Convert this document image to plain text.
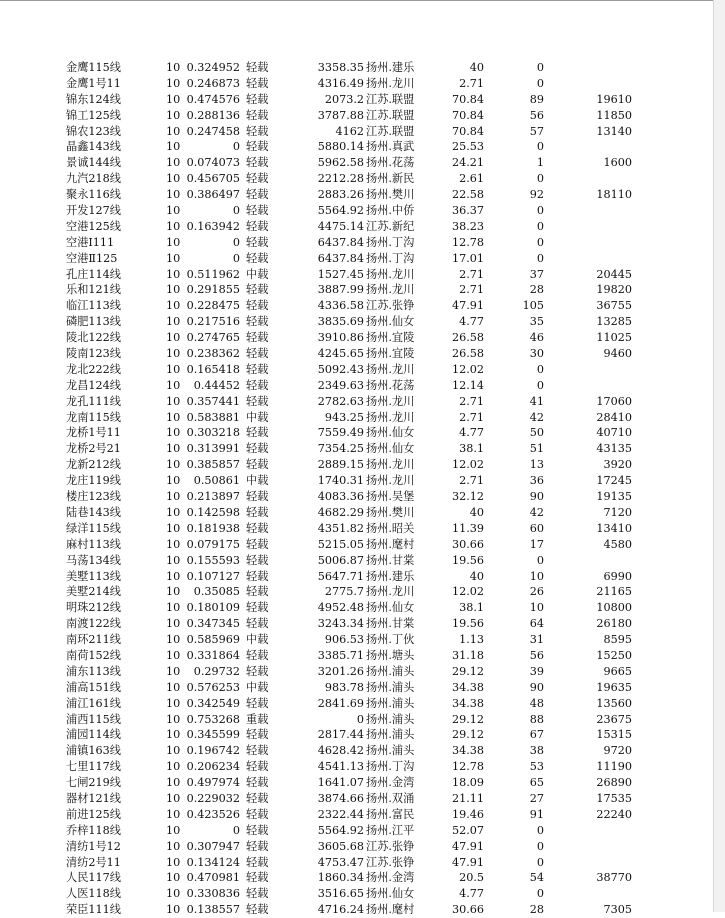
金鹰115线	10 0.324952 轻载	3358.35 扬州.建乐	40	0
金鹰1号11	10 0.246873 轻载	4316.49 扬州.龙川	2.71	0
锦东124线	10 0.474576 轻载	2073.2 江苏.联盟	70.84	89	19610
锦工125线	10 0.288136 轻载	3787.88 江苏.联盟	70.84	56	11850
锦农123线	10 0.247458 轻载	4162 江苏.联盟	70.84	57	13140
晶鑫143线	10	0 轻载	5880.14 扬州.真武	25.53	0
景诚144线	10 0.074073 轻载	5962.58 扬州.花荡	24.21	1	1600
九汽218线	10 0.456705 轻载	2212.28 扬州.新民	2.61	0
聚永116线	10 0.386497 轻载	2883.26 扬州.樊川	22.58	92	18110
开发127线	10	0 轻载	5564.92 扬州.中侨	36.37	0
空港125线	10 0.163942 轻载	4475.14 江苏.新纪	38.23	0
空港Ⅰ111	10	0 轻载	6437.84 扬州.丁沟	12.78	0
空港Ⅱ125	10	0 轻载	6437.84 扬州.丁沟	17.01	0
孔庄114线	10 0.511962 中载	1527.45 扬州.龙川	2.71	37	20445
乐和121线	10 0.291855 轻载	3887.99 扬州.龙川	2.71	28	19820
临江113线	10 0.228475 轻载	4336.58 江苏.张铮	47.91	105	36755
磷肥113线	10 0.217516 轻载	3835.69 扬州.仙女	4.77	35	13285
陵北122线	10 0.274765 轻载	3910.86 扬州.宜陵	26.58	46	11025
陵南123线	10 0.238362 轻载	4245.65 扬州.宜陵	26.58	30	9460
龙北222线	10 0.165418 轻载	5092.43 扬州.龙川	12.02	0
龙昌124线	10	0.44452 轻载	2349.63 扬州.花荡	12.14	0
龙孔111线	10 0.357441 轻载	2782.63 扬州.龙川	2.71	41	17060
龙南115线	10 0.583881 中载	943.25 扬州.龙川	2.71	42	28410
龙桥1号11	10 0.303218 轻载	7559.49 扬州.仙女	4.77	50	40710
龙桥2号21	10 0.313991 轻载	7354.25 扬州.仙女	38.1	51	43135
龙新212线	10 0.385857 轻载	2889.15 扬州.龙川	12.02	13	3920
龙庄119线	10	0.50861 中载	1740.31 扬州.龙川	2.71	36	17245
楼庄123线	10 0.213897 轻载	4083.36 扬州.吴堡	32.12	90	19135
陆巷143线	10 0.142598 轻载	4682.29 扬州.樊川	40	42	7120
绿洋115线	10 0.181938 轻载	4351.82 扬州.昭关	11.39	60	13410
麻村113线	10 0.079175 轻载	5215.05 扬州.麾村	30.66	17	4580
马荡134线	10 0.155593 轻载	5006.87 扬州.甘棠	19.56	0
美墅113线	10 0.107127 轻载	5647.71 扬州.建乐	40	10	6990
美墅214线	10	0.35085 轻载	2775.7 扬州.龙川	12.02	26	21165
明珠212线	10 0.180109 轻载	4952.48 扬州.仙女	38.1	10	10800
南渡122线	10 0.347345 轻载	3243.34 扬州.甘棠	19.56	64	26180
南环211线	10 0.585969 中载	906.53 扬州.丁伙	1.13	31	8595
南荷152线	10 0.331864 轻载	3385.71 扬州.塘头	31.18	56	15250
浦东113线	10	0.29732 轻载	3201.26 扬州.浦头	29.12	39	9665
浦高151线	10 0.576253 中载	983.78 扬州.浦头	34.38	90	19635
浦江161线	10 0.342549 轻载	2841.69 扬州.浦头	34.38	48	13560
浦西115线	10 0.753268 重载	0 扬州.浦头	29.12	88	23675
浦园114线	10 0.345599 轻载	2817.44 扬州.浦头	29.12	67	15315
浦镇163线	10 0.196742 轻载	4628.42 扬州.浦头	34.38	38	9720
七里117线	10 0.206234 轻载	4541.13 扬州.丁沟	12.78	53	11190
七闸219线	10 0.497974 轻载	1641.07 扬州.金湾	18.09	65	26890
器材121线	10 0.229032 轻载	3874.66 扬州.双涌	21.11	27	17535
前进125线	10 0.423526 轻载	2322.44 扬州.富民	19.46	91	22240
乔梓118线	10	0 轻载	5564.92 扬州.江平	52.07	0
清纺1号12	10 0.307947 轻载	3605.68 江苏.张铮	47.91	0
清纺2号11	10 0.134124 轻载	4753.47 江苏.张铮	47.91	0
人民117线	10 0.470981 轻载	1860.34 扬州.金湾	20.5	54	38770
人医118线	10 0.330836 轻载	3516.65 扬州.仙女	4.77	0
荣臣111线	10 0.138557 轻载	4716.24 扬州.麾村	30.66	28	7305
